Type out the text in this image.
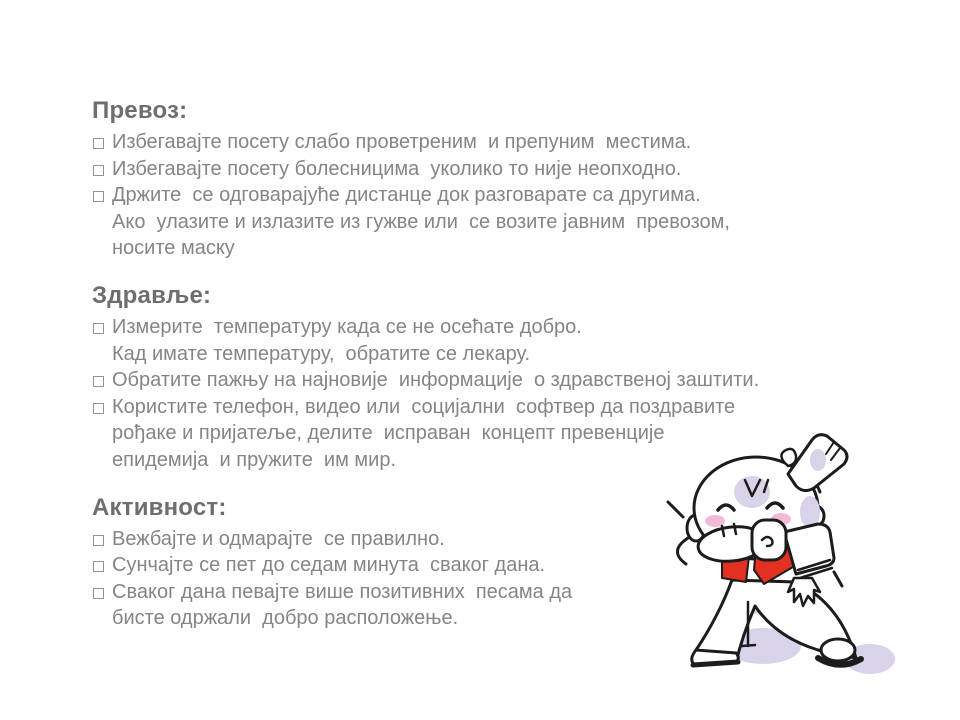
Превоз:
Избегавајте посету слабо проветреним  и препуним  местима.
Избегавајте посету болесницима  уколико то није неопходно.
Држите  се одговарајуће дистанце док разговарате са другима.
Ако  улазите и излазите из гужве или  се возите јавним  превозом,
носите маску
Здравље:
Измерите  температуру када се не осећате добро.
Кад имате температуру,  обратите се лекару.
Обратите пажњу на најновије  информације  о здравственој заштити.
Користите телефон, видео или  социјални  софтвер да поздравите
рођаке и пријатеље, делите  исправан  концепт превенције
епидемија  и пружите  им мир.
Активност:
Вежбајте и одмарајте  се правилно.
Сунчајте се пет до седам минута  сваког дана.
Сваког дана певајте више позитивних  песама да
бисте одржали  добро расположење.
